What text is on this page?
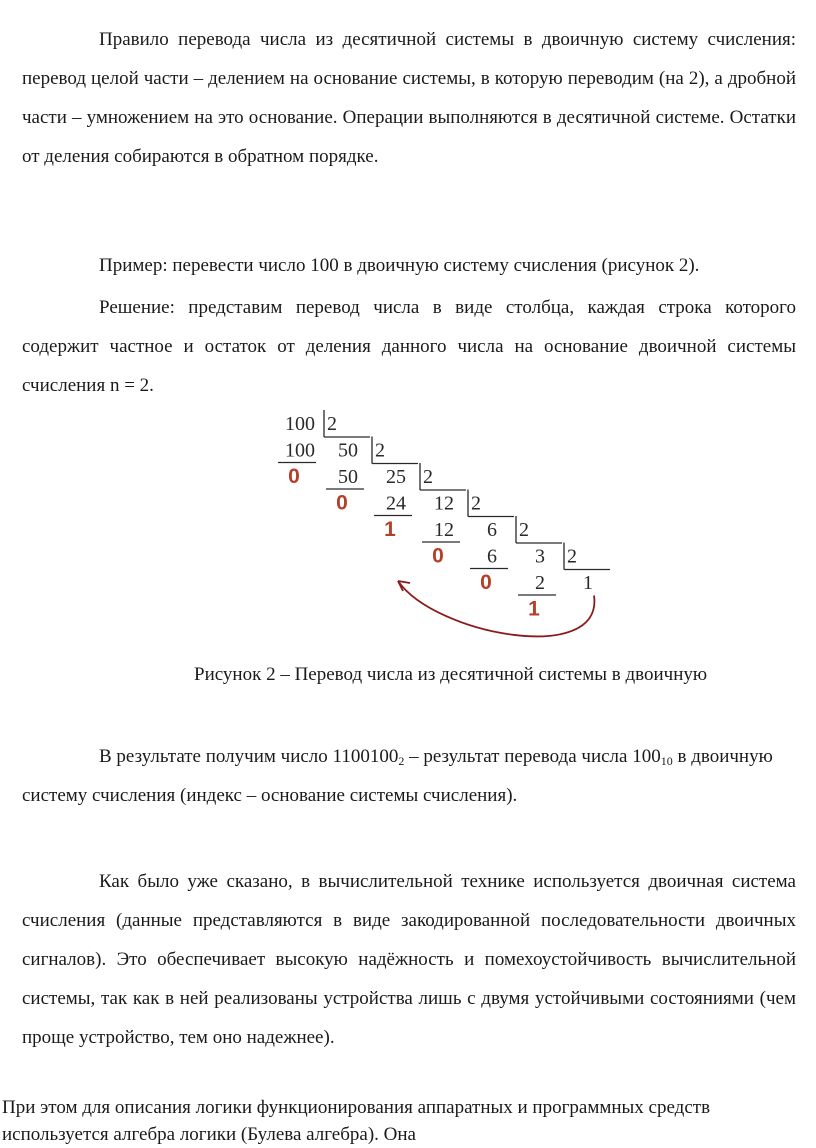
Правило перевода числа из десятичной системы в двоичную систему счисления: перевод целой части – делением на основание системы, в которую переводим (на 2), а дробной части – умножением на это основание. Операции выполняются в десятичной системе. Остатки от деления собираются в обратном порядке.

Пример: перевести число 100 в двоичную систему счисления (рисунок 2).

Решение: представим перевод числа в виде столбца, каждая строка которого содержит частное и остаток от деления данного числа на основание двоичной системы счисления n = 2.

100 2
100
0
50 2
50
0
25 2
24
1
12 2
12
0
6 2
6
0
3 2
2
1
1

Рисунок 2 – Перевод числа из десятичной системы в двоичную

В результате получим число $1100100_2$ – результат перевода числа $100_{10}$ в двоичную систему счисления (индекс – основание системы счисления).

Как было уже сказано, в вычислительной технике используется двоичная система счисления (данные представляются в виде закодированной последовательности двоичных сигналов). Это обеспечивает высокую надёжность и помехоустойчивость вычислительной системы, так как в ней реализованы устройства лишь с двумя устойчивыми состояниями (чем проще устройство, тем оно надежнее).

При этом для описания логики функционирования аппаратных и программных средств используется алгебра логики (Булева алгебра). Она
